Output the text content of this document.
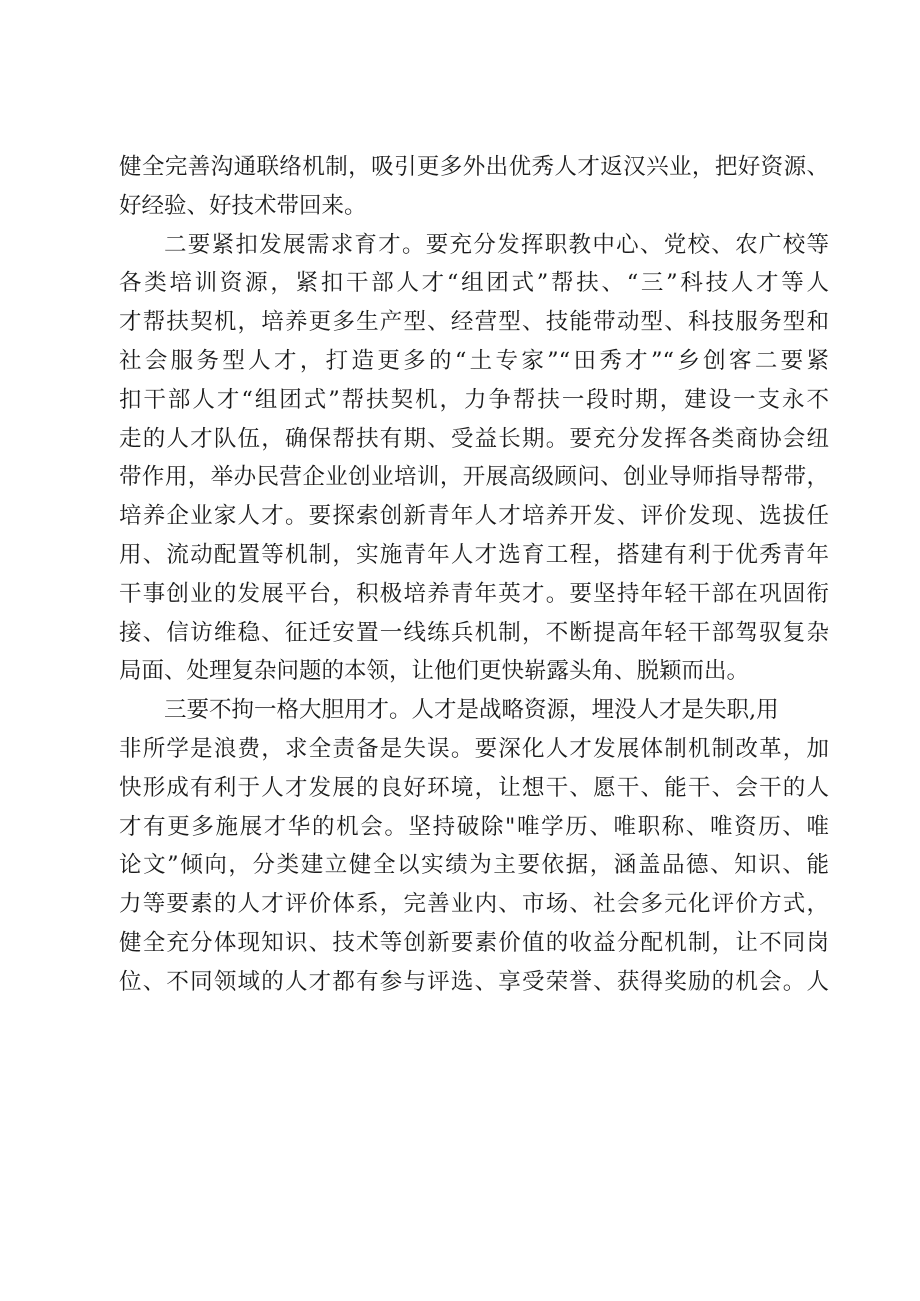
健全完善沟通联络机制，吸引更多外出优秀人才返汉兴业，把好资源、
好经验、好技术带回来。
二要紧扣发展需求育才。要充分发挥职教中心、党校、农广校等
各类培训资源，紧扣干部人才“组团式”帮扶、“三”科技人才等人
才帮扶契机，培养更多生产型、经营型、技能带动型、科技服务型和
社会服务型人才，打造更多的“土专家”“田秀才”“乡创客二要紧
扣干部人才“组团式”帮扶契机，力争帮扶一段时期，建设一支永不
走的人才队伍，确保帮扶有期、受益长期。要充分发挥各类商协会纽
带作用，举办民营企业创业培训，开展高级顾问、创业导师指导帮带，
培养企业家人才。要探索创新青年人才培养开发、评价发现、选拔任
用、流动配置等机制，实施青年人才选育工程，搭建有利于优秀青年
干事创业的发展平台，积极培养青年英才。要坚持年轻干部在巩固衔
接、信访维稳、征迁安置一线练兵机制，不断提高年轻干部驾驭复杂
局面、处理复杂问题的本领，让他们更快崭露头角、脱颖而出。
三要不拘一格大胆用才。人才是战略资源，埋没人才是失职,用
非所学是浪费，求全责备是失误。要深化人才发展体制机制改革，加
快形成有利于人才发展的良好环境，让想干、愿干、能干、会干的人
才有更多施展才华的机会。坚持破除"唯学历、唯职称、唯资历、唯
论文”倾向，分类建立健全以实绩为主要依据，涵盖品德、知识、能
力等要素的人才评价体系，完善业内、市场、社会多元化评价方式，
健全充分体现知识、技术等创新要素价值的收益分配机制，让不同岗
位、不同领域的人才都有参与评选、享受荣誉、获得奖励的机会。人
